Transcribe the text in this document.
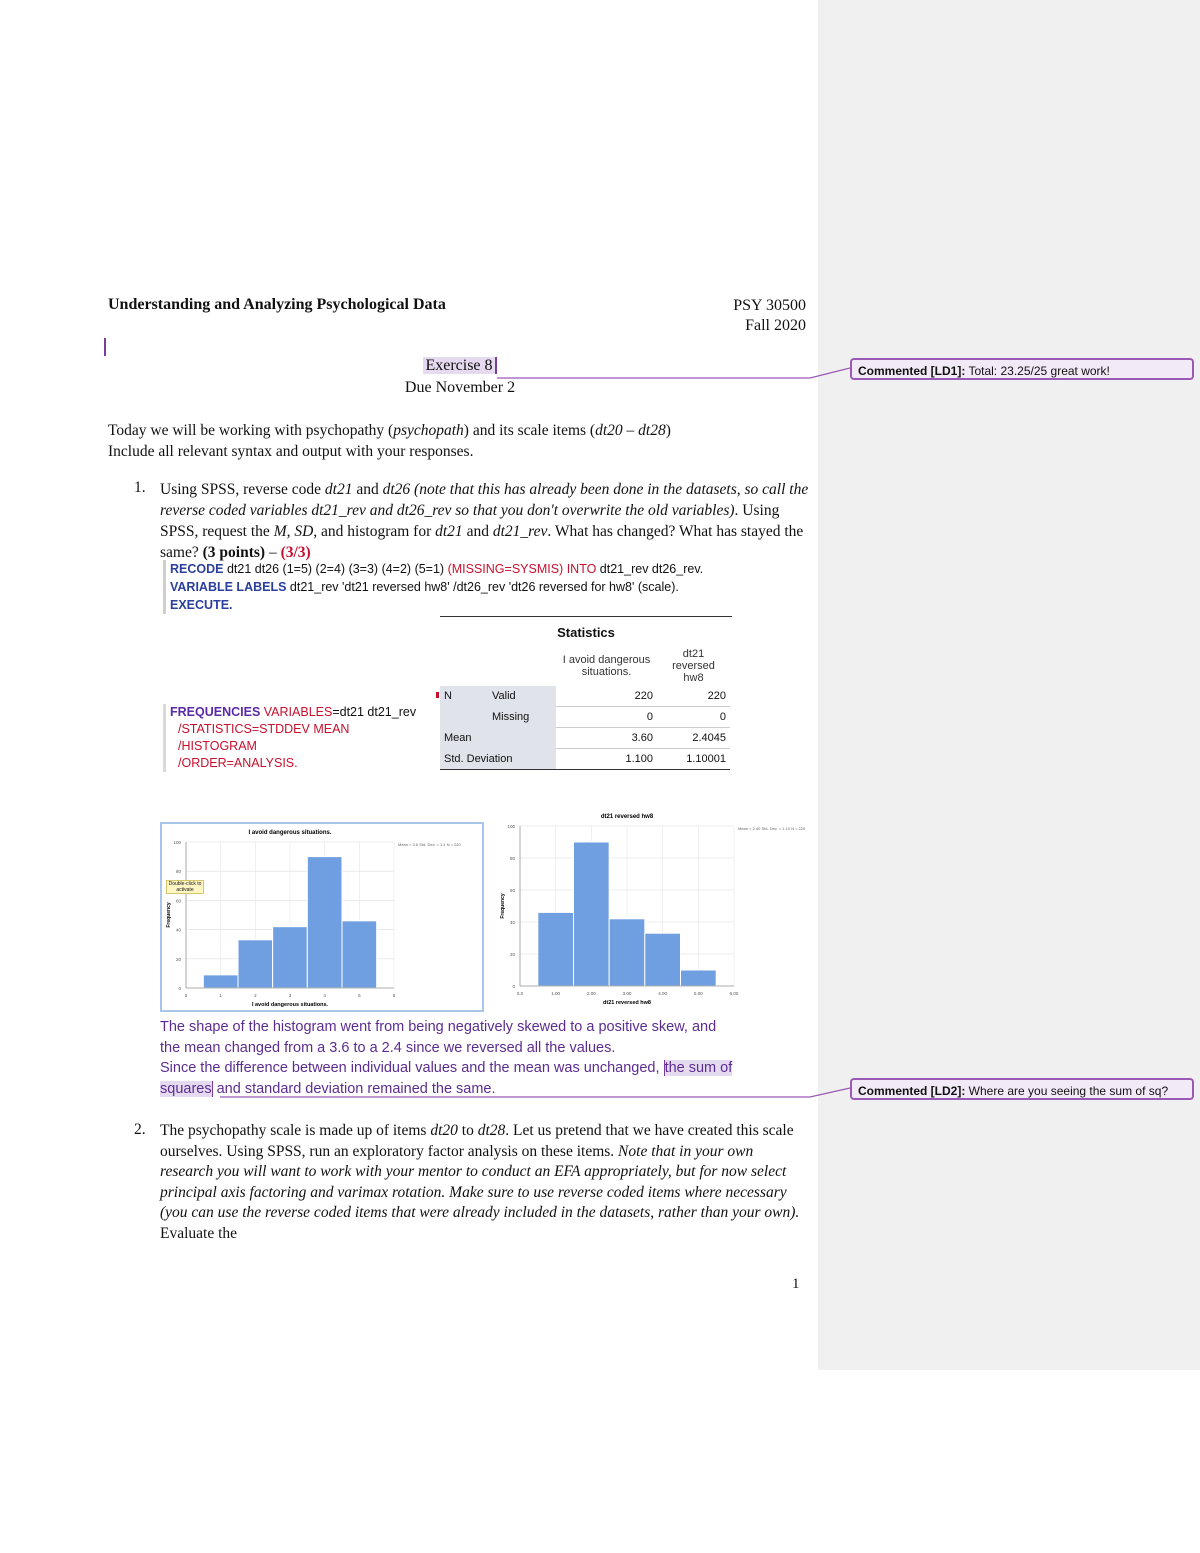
Understanding and Analyzing Psychological Data	PSY 30500
Fall 2020
Exercise 8
Due November 2
Today we will be working with psychopathy (psychopath) and its scale items (dt20 – dt28)
Include all relevant syntax and output with your responses.
1. Using SPSS, reverse code dt21 and dt26 (note that this has already been done in the datasets, so call the reverse coded variables dt21_rev and dt26_rev so that you don't overwrite the old variables). Using SPSS, request the M, SD, and histogram for dt21 and dt21_rev. What has changed? What has stayed the same? (3 points) – (3/3)
RECODE dt21 dt26 (1=5) (2=4) (3=3) (4=2) (5=1) (MISSING=SYSMIS) INTO dt21_rev dt26_rev.
VARIABLE LABELS dt21_rev 'dt21 reversed hw8' /dt26_rev 'dt26 reversed for hw8' (scale).
EXECUTE.
FREQUENCIES VARIABLES=dt21 dt21_rev
/STATISTICS=STDDEV MEAN
/HISTOGRAM
/ORDER=ANALYSIS.
Statistics
		I avoid dangerous situations.	dt21 reversed hw8
N	Valid	220	220
	Missing	0	0
Mean		3.60	2.4045
Std. Deviation		1.100	1.10001
I avoid dangerous situations.
0
20
40
60
80
100
0	1	2	3	4	5	6
I avoid dangerous situations.
Frequency
Mean = 3.6 Std. Dev. = 1.1 N = 220
Double-click to activate
dt21 reversed hw8
0
20
40
60
80
100
0.0	1.00	2.00	3.00	4.00	5.00	6.00
dt21 reversed hw8
Frequency
Mean = 2.40 Std. Dev. = 1.10 N = 220
The shape of the histogram went from being negatively skewed to a positive skew, and
the mean changed from a 3.6 to a 2.4 since we reversed all the values.
Since the difference between individual values and the mean was unchanged, the sum of
squares and standard deviation remained the same.
2. The psychopathy scale is made up of items dt20 to dt28. Let us pretend that we have created this scale ourselves. Using SPSS, run an exploratory factor analysis on these items. Note that in your own research you will want to work with your mentor to conduct an EFA appropriately, but for now select principal axis factoring and varimax rotation. Make sure to use reverse coded items where necessary (you can use the reverse coded items that were already included in the datasets, rather than your own). Evaluate the
1
Commented [LD1]: Total: 23.25/25 great work!
Commented [LD2]: Where are you seeing the sum of sq?
